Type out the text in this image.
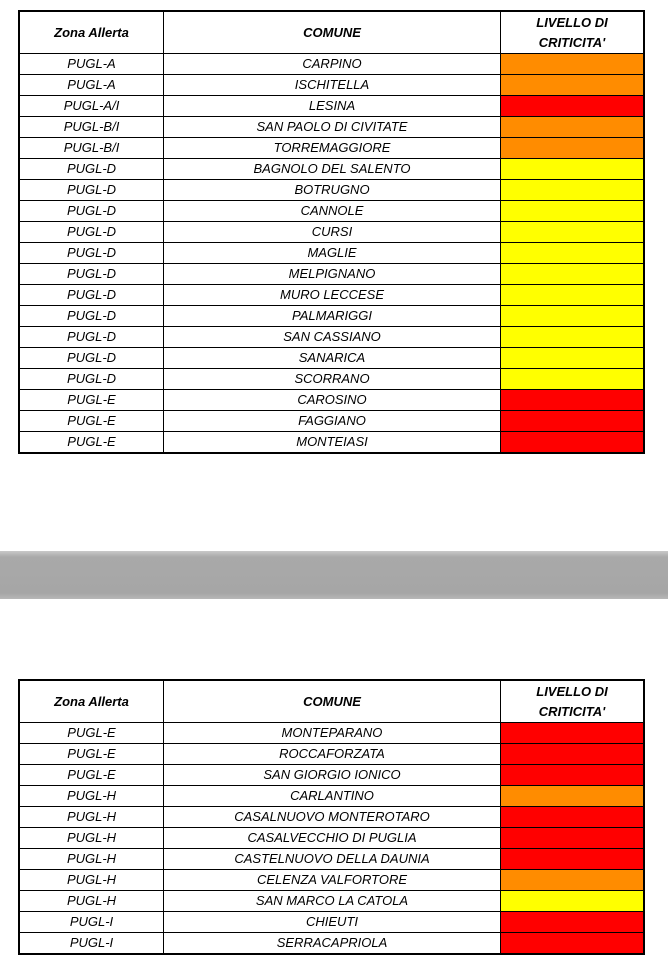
Zona Allerta	COMUNE	LIVELLO DI
CRITICITA'
PUGL-A	CARPINO	
PUGL-A	ISCHITELLA	
PUGL-A/I	LESINA	
PUGL-B/I	SAN PAOLO DI CIVITATE	
PUGL-B/I	TORREMAGGIORE	
PUGL-D	BAGNOLO DEL SALENTO	
PUGL-D	BOTRUGNO	
PUGL-D	CANNOLE	
PUGL-D	CURSI	
PUGL-D	MAGLIE	
PUGL-D	MELPIGNANO	
PUGL-D	MURO LECCESE	
PUGL-D	PALMARIGGI	
PUGL-D	SAN CASSIANO	
PUGL-D	SANARICA	
PUGL-D	SCORRANO	
PUGL-E	CAROSINO	
PUGL-E	FAGGIANO	
PUGL-E	MONTEIASI	
Zona Allerta	COMUNE	LIVELLO DI
CRITICITA'
PUGL-E	MONTEPARANO	
PUGL-E	ROCCAFORZATA	
PUGL-E	SAN GIORGIO IONICO	
PUGL-H	CARLANTINO	
PUGL-H	CASALNUOVO MONTEROTARO	
PUGL-H	CASALVECCHIO DI PUGLIA	
PUGL-H	CASTELNUOVO DELLA DAUNIA	
PUGL-H	CELENZA VALFORTORE	
PUGL-H	SAN MARCO LA CATOLA	
PUGL-I	CHIEUTI	
PUGL-I	SERRACAPRIOLA	
